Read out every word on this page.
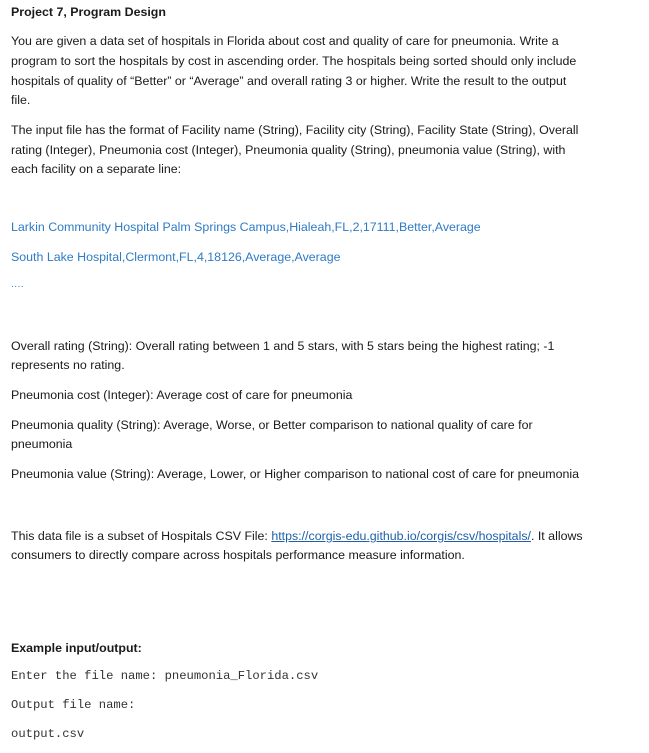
Project 7, Program Design
You are given a data set of hospitals in Florida about cost and quality of care for pneumonia. Write a
program to sort the hospitals by cost in ascending order. The hospitals being sorted should only include
hospitals of quality of “Better” or “Average” and overall rating 3 or higher. Write the result to the output
file.
The input file has the format of Facility name (String), Facility city (String), Facility State (String), Overall
rating (Integer), Pneumonia cost (Integer), Pneumonia quality (String), pneumonia value (String), with
each facility on a separate line:
Larkin Community Hospital Palm Springs Campus,Hialeah,FL,2,17111,Better,Average
South Lake Hospital,Clermont,FL,4,18126,Average,Average
....
Overall rating (String): Overall rating between 1 and 5 stars, with 5 stars being the highest rating; -1
represents no rating.
Pneumonia cost (Integer): Average cost of care for pneumonia
Pneumonia quality (String): Average, Worse, or Better comparison to national quality of care for
pneumonia
Pneumonia value (String): Average, Lower, or Higher comparison to national cost of care for pneumonia
This data file is a subset of Hospitals CSV File: https://corgis-edu.github.io/corgis/csv/hospitals/. It allows
consumers to directly compare across hospitals performance measure information.
Example input/output:
Enter the file name: pneumonia_Florida.csv
Output file name:
output.csv
